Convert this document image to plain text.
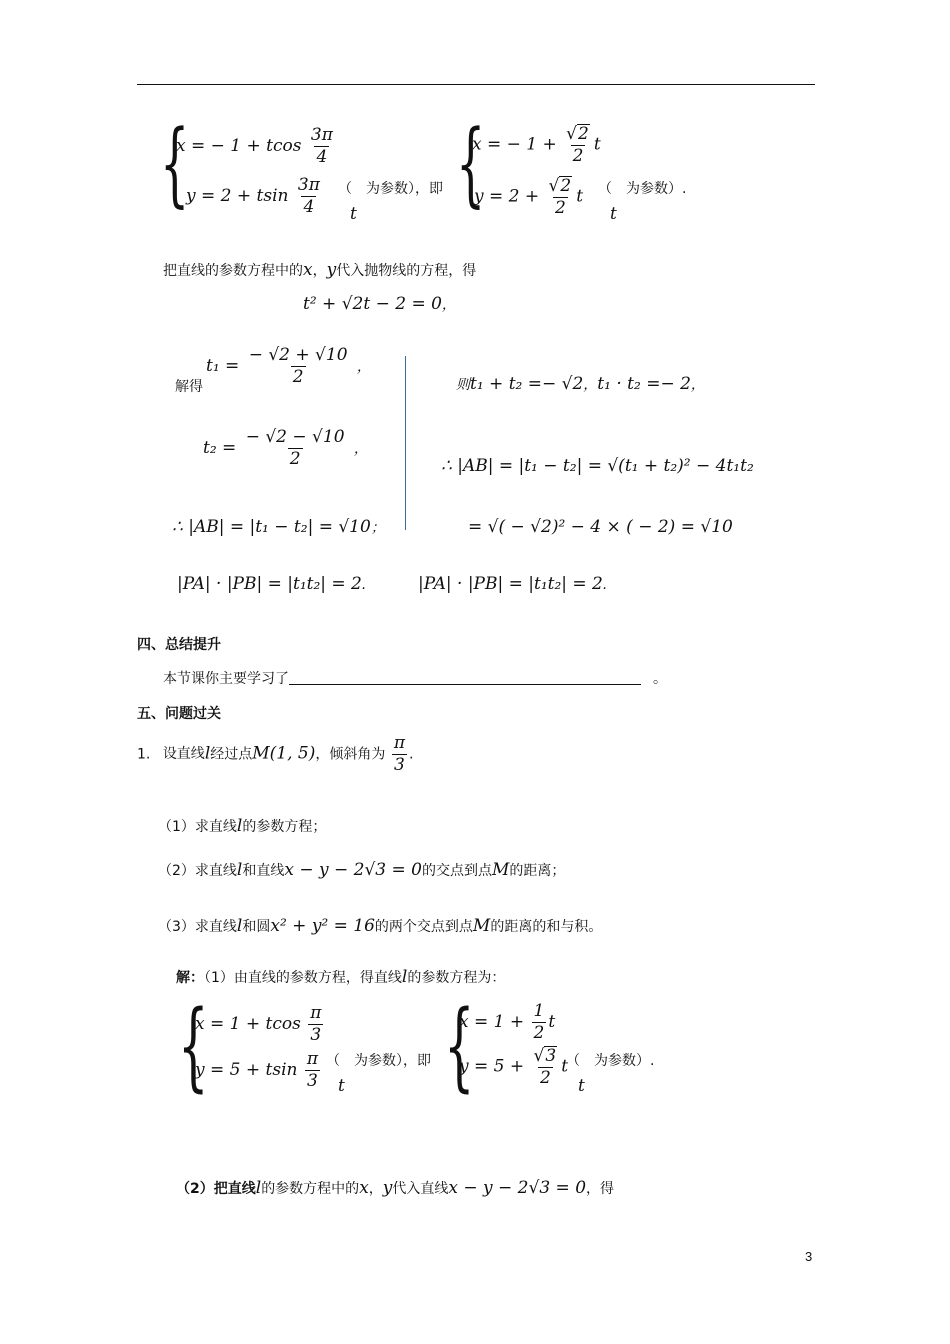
{
x = − 1 + tcos $\frac{3\pi}{4}$
y = 2 + tsin $\frac{3\pi}{4}$ （　为参数），即
t {
x = − $1 + \frac{√2}{2}$ t
$y = 2 + \frac{√2}{2}$ t （　为参数）.
t
把直线的参数方程中的x，y代入抛物线的方程，得
t² + √2t − 2 = 0，
解得
$t_1 = \frac{- √2 + √10}{2}$ ，
$t_2 = \frac{- √2 - √10}{2}$ ，
∴ |AB| = |t₁ − t₂| = √10；
|PA| · |PB| = |t₁t₂| = 2.
则t₁ + t₂ =− √2，t₁ · t₂ =− 2，
∴ |AB| = |t₁ − t₂| = √(t₁ + t₂)² − 4t₁t₂
= √( − √2)² − 4 × ( − 2) = √10
|PA| · |PB| = |t₁t₂| = 2.
四、总结提升
本节课你主要学习了	。
五、问题过关
1. 设直线l经过点M(1, 5)，倾斜角为 $\frac{\pi}{3}$ .
（1）求直线l的参数方程；
（2）求直线l和直线x − y − 2√3 = 0的交点到点M的距离；
（3）求直线l和圆x² + y² = 16的两个交点到点M的距离的和与积。
解：（1）由直线的参数方程，得直线l的参数方程为：
{
x = 1 + tcos $\frac{\pi}{3}$
y = 5 + tsin $\frac{\pi}{3}$ （　为参数），即
t {
$x = 1 + \frac{1}{2}$ t
$y = 5 + \frac{√3}{2}$ t
（　为参数）.
t
（2）把直线l的参数方程中的x，y代入直线x − y − 2√3 = 0，得
3
